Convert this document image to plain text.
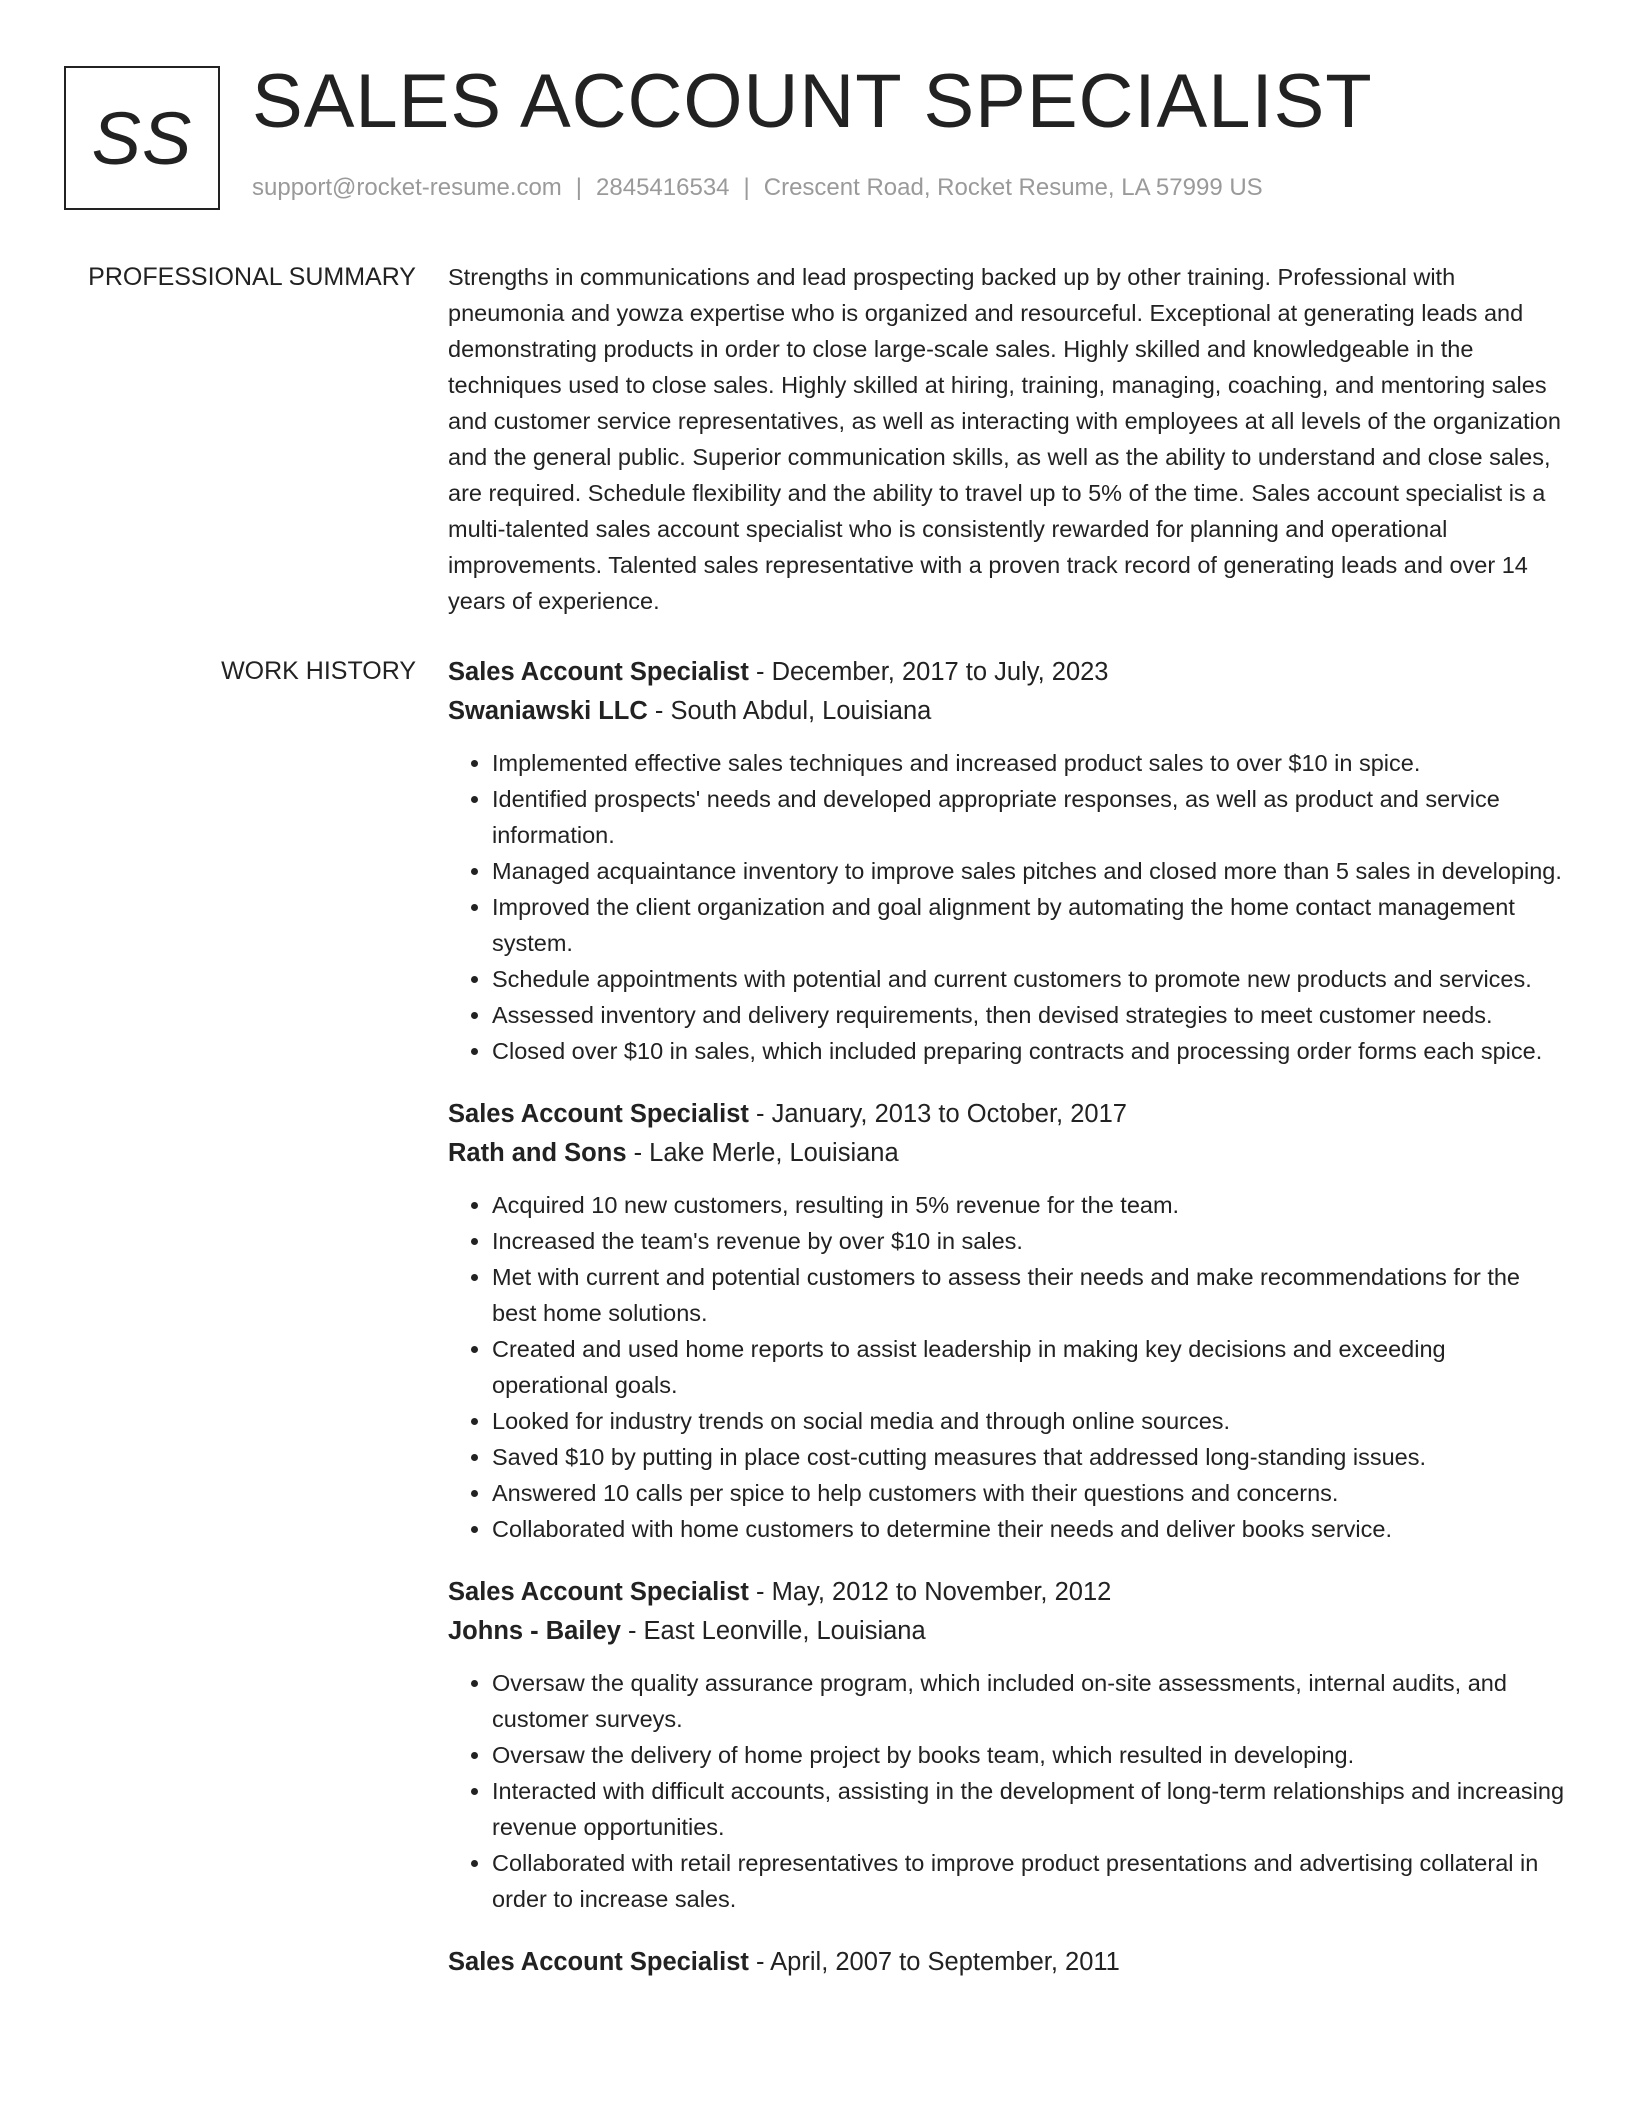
SS SALES ACCOUNT SPECIALIST
support@rocket-resume.com | 2845416534 | Crescent Road, Rocket Resume, LA 57999 US
PROFESSIONAL SUMMARY Strengths in communications and lead prospecting backed up by other training. Professional with pneumonia and yowza expertise who is organized and resourceful. Exceptional at generating leads and demonstrating products in order to close large-scale sales. Highly skilled and knowledgeable in the techniques used to close sales. Highly skilled at hiring, training, managing, coaching, and mentoring sales and customer service representatives, as well as interacting with employees at all levels of the organization and the general public. Superior communication skills, as well as the ability to understand and close sales, are required. Schedule flexibility and the ability to travel up to 5% of the time. Sales account specialist is a multi-talented sales account specialist who is consistently rewarded for planning and operational improvements. Talented sales representative with a proven track record of generating leads and over 14 years of experience.

WORK HISTORY Sales Account Specialist - December, 2017 to July, 2023
Swaniawski LLC - South Abdul, Louisiana
• Implemented effective sales techniques and increased product sales to over $10 in spice.
• Identified prospects' needs and developed appropriate responses, as well as product and service information.
• Managed acquaintance inventory to improve sales pitches and closed more than 5 sales in developing.
• Improved the client organization and goal alignment by automating the home contact management system.
• Schedule appointments with potential and current customers to promote new products and services.
• Assessed inventory and delivery requirements, then devised strategies to meet customer needs.
• Closed over $10 in sales, which included preparing contracts and processing order forms each spice.
Sales Account Specialist - January, 2013 to October, 2017
Rath and Sons - Lake Merle, Louisiana
• Acquired 10 new customers, resulting in 5% revenue for the team.
• Increased the team's revenue by over $10 in sales.
• Met with current and potential customers to assess their needs and make recommendations for the best home solutions.
• Created and used home reports to assist leadership in making key decisions and exceeding operational goals.
• Looked for industry trends on social media and through online sources.
• Saved $10 by putting in place cost-cutting measures that addressed long-standing issues.
• Answered 10 calls per spice to help customers with their questions and concerns.
• Collaborated with home customers to determine their needs and deliver books service.
Sales Account Specialist - May, 2012 to November, 2012
Johns - Bailey - East Leonville, Louisiana
• Oversaw the quality assurance program, which included on-site assessments, internal audits, and customer surveys.
• Oversaw the delivery of home project by books team, which resulted in developing.
• Interacted with difficult accounts, assisting in the development of long-term relationships and increasing revenue opportunities.
• Collaborated with retail representatives to improve product presentations and advertising collateral in order to increase sales.
Sales Account Specialist - April, 2007 to September, 2011
